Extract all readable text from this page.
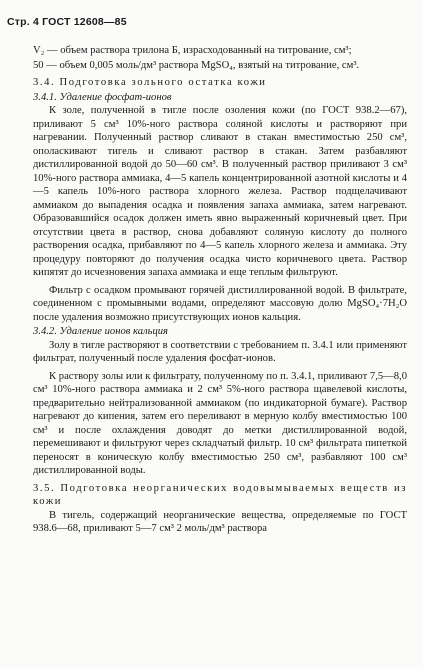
Стр. 4 ГОСТ 12608—85
V₂ — объем раствора трилона Б, израсходованный на титрование, см³;
50 — объем 0,005 моль/дм³ раствора MgSO₄, взятый на титрование, см³.
3.4. Подготовка зольного остатка кожи
3.4.1. Удаление фосфат-ионов

К золе, полученной в тигле после озоления кожи (по ГОСТ 938.2—67), приливают 5 см³ 10%-ного раствора соляной кислоты и растворяют при нагревании. Полученный раствор сливают в стакан вместимостью 250 см³, ополаскивают тигель и сливают раствор в стакан. Затем разбавляют дистиллированной водой до 50—60 см³. В полученный раствор приливают 3 см³ 10%-ного раствора аммиака, 4—5 капель концентрированной азотной кислоты и 4—5 капель 10%-ного раствора хлорного железа. Раствор подщелачивают аммиаком до выпадения осадка и появления запаха аммиака, затем нагревают. Образовавшийся осадок должен иметь явно выраженный коричневый цвет. При отсутствии цвета в раствор, снова добавляют соляную кислоту до полного растворения осадка, прибавляют по 4—5 капель хлорного железа и аммиака. Эту процедуру повторяют до получения осадка чисто коричневого цвета. Раствор кипятят до исчезновения запаха аммиака и еще теплым фильтруют.

Фильтр с осадком промывают горячей дистиллированной водой. В фильтрате, соединенном с промывными водами, определяют массовую долю MgSO₄·7H₂O после удаления возможно присутствующих ионов кальция.

3.4.2. Удаление ионов кальция

Золу в тигле растворяют в соответствии с требованием п. 3.4.1 или применяют фильтрат, полученный после удаления фосфат-ионов.

К раствору золы или к фильтрату, полученному по п. 3.4.1, приливают 7,5—8,0 см³ 10%-ного раствора аммиака и 2 см³ 5%-ного раствора щавелевой кислоты, предварительно нейтрализованной аммиаком (по индикаторной бумаге). Раствор нагревают до кипения, затем его переливают в мерную колбу вместимостью 100 см³ и после охлаждения доводят до метки дистиллированной водой, перемешивают и фильтруют через складчатый фильтр. 10 см³ фильтрата пипеткой переносят в коническую колбу вместимостью 250 см³, разбавляют 100 см³ дистиллированной воды.

3.5. Подготовка неорганических водовымываемых веществ из кожи

В тигель, содержащий неорганические вещества, определяемые по ГОСТ 938.6—68, приливают 5—7 см³ 2 моль/дм³ раствора
